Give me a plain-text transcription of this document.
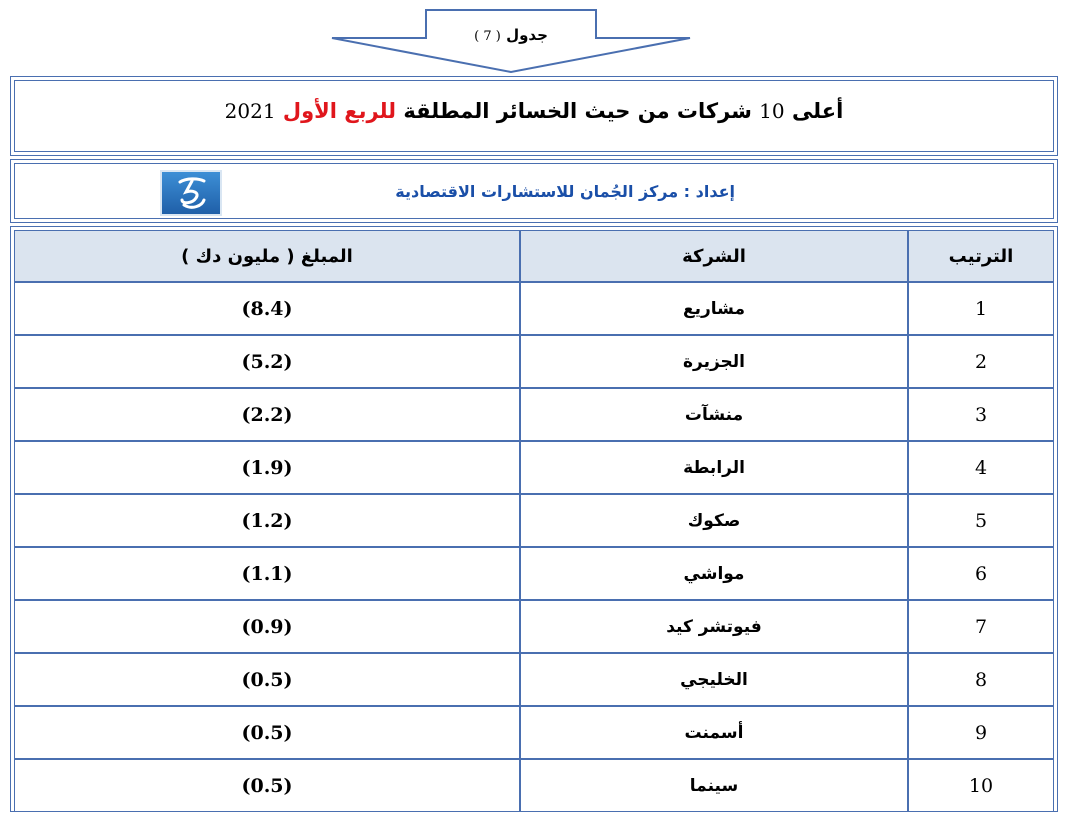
جدول ( 7 )
أعلى 10 شركات من حيث الخسائر المطلقة للربع الأول 2021
إعداد : مركز الجُمان للاستشارات الاقتصادية
الترتيب	الشركة	المبلغ ( مليون دك )
1	مشاريع	(8.4)
2	الجزيرة	(5.2)
3	منشآت	(2.2)
4	الرابطة	(1.9)
5	صكوك	(1.2)
6	مواشي	(1.1)
7	فيوتشر كيد	(0.9)
8	الخليجي	(0.5)
9	أسمنت	(0.5)
10	سينما	(0.5)
